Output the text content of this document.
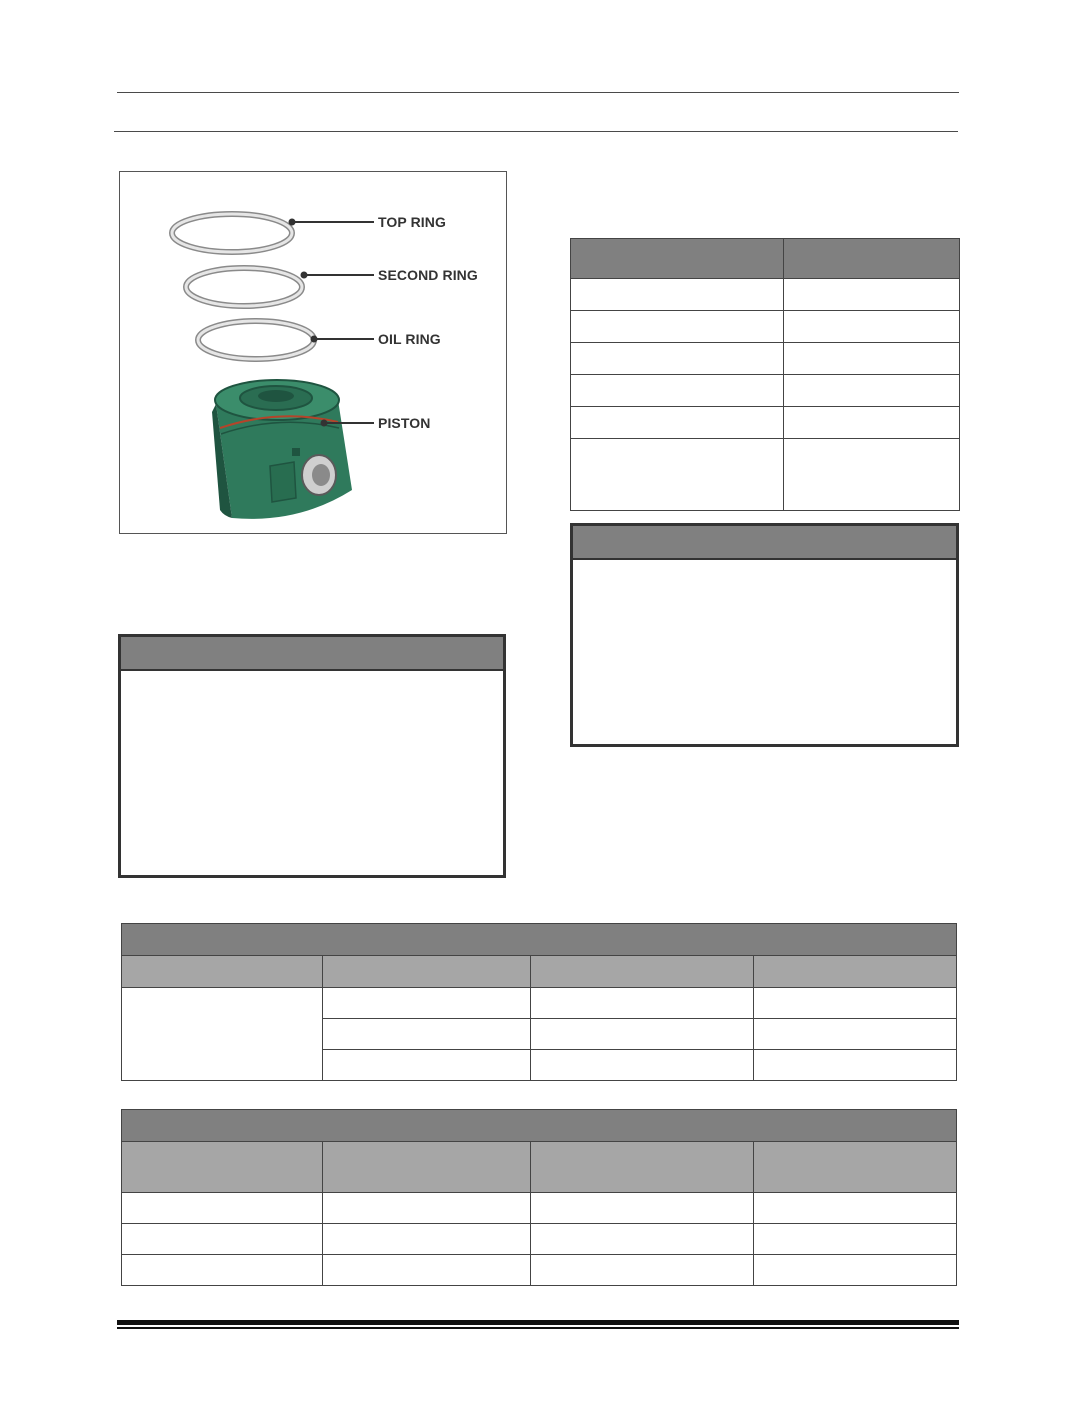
TOP RING
SECOND RING
OIL RING
PISTON
